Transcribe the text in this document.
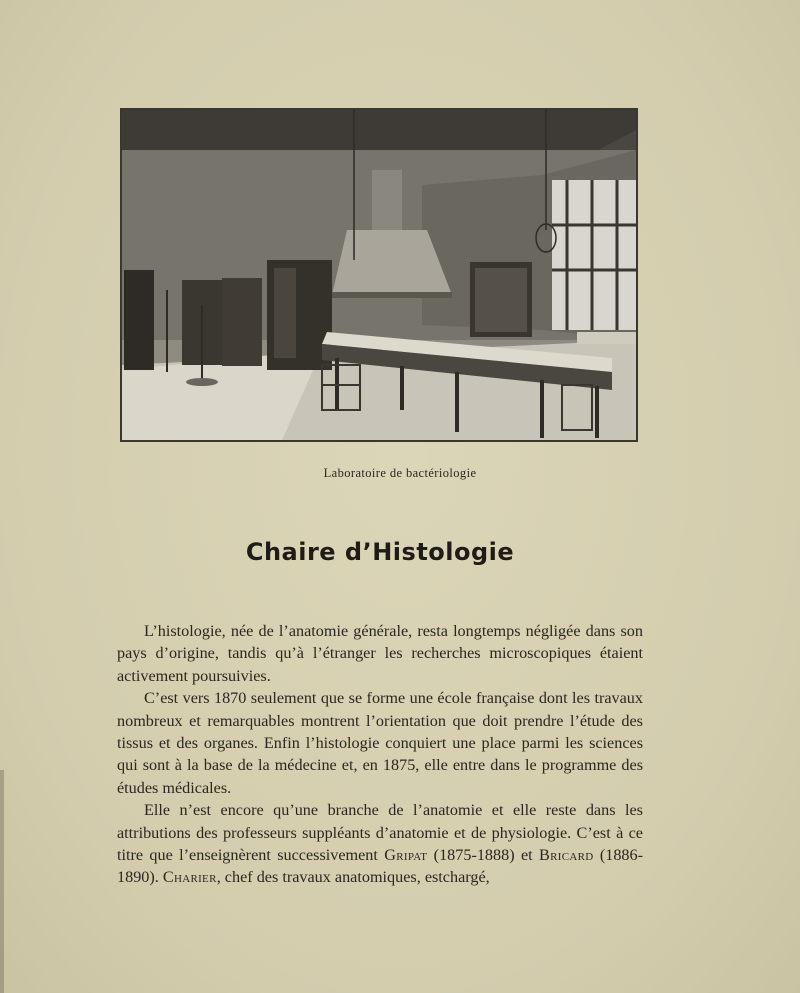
Laboratoire de bactériologie
Chaire d’Histologie

L’histologie, née de l’anatomie générale, resta longtemps négligée dans son pays d’origine, tandis qu’à l’étranger les recherches microscopiques étaient activement poursuivies.

C’est vers 1870 seulement que se forme une école française dont les travaux nombreux et remarquables montrent l’orientation que doit prendre l’étude des tissus et des organes. Enfin l’histologie conquiert une place parmi les sciences qui sont à la base de la médecine et, en 1875, elle entre dans le programme des études médicales.

Elle n’est encore qu’une branche de l’anatomie et elle reste dans les attributions des professeurs suppléants d’anatomie et de physiologie. C’est à ce titre que l’enseignèrent successivement Gripat (1875-1888) et Bricard (1886-1890). Charier, chef des travaux anatomiques, estchargé,
